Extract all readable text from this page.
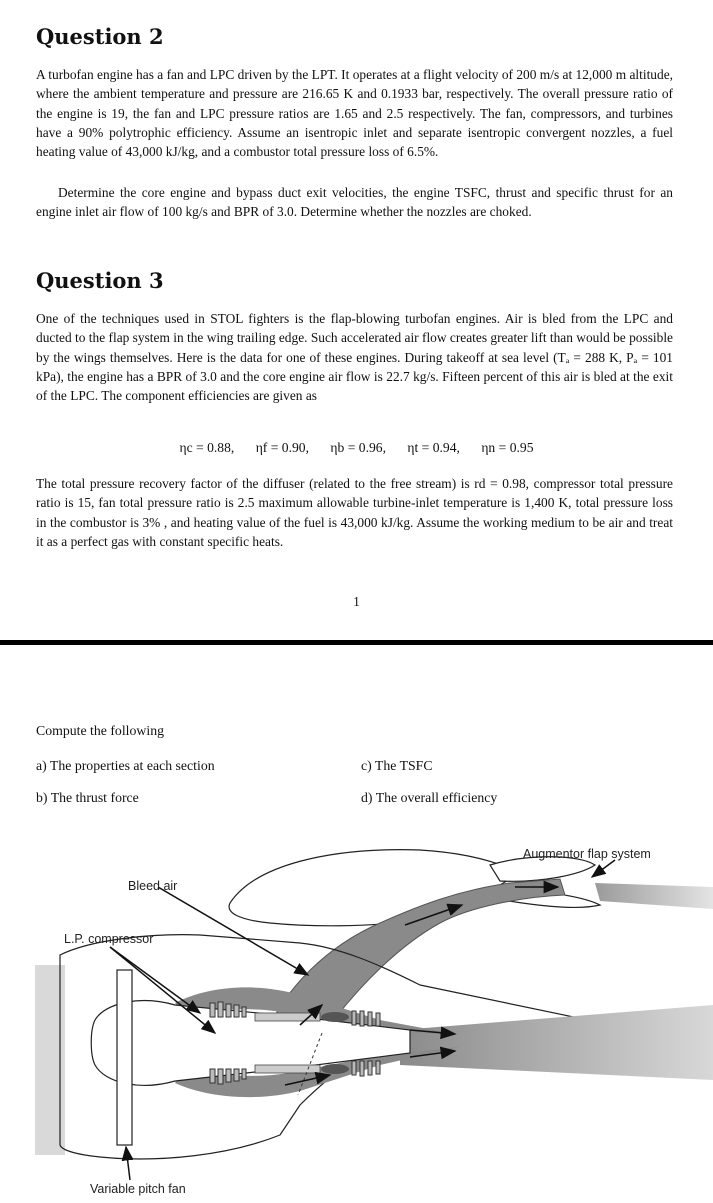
Question 2

A turbofan engine has a fan and LPC driven by the LPT. It operates at a flight velocity of 200 m/s at 12,000 m altitude, where the ambient temperature and pressure are 216.65 K and 0.1933 bar, respectively. The overall pressure ratio of the engine is 19, the fan and LPC pressure ratios are 1.65 and 2.5 respectively. The fan, compressors, and turbines have a 90% polytrophic efficiency. Assume an isentropic inlet and separate isentropic convergent nozzles, a fuel heating value of 43,000 kJ/kg, and a combustor total pressure loss of 6.5%.

Determine the core engine and bypass duct exit velocities, the engine TSFC, thrust and specific thrust for an engine inlet air flow of 100 kg/s and BPR of 3.0. Determine whether the nozzles are choked.

Question 3

One of the techniques used in STOL fighters is the flap-blowing turbofan engines. Air is bled from the LPC and ducted to the flap system in the wing trailing edge. Such accelerated air flow creates greater lift than would be possible by the wings themselves. Here is the data for one of these engines. During takeoff at sea level (Tₐ = 288 K, Pₐ = 101 kPa), the engine has a BPR of 3.0 and the core engine air flow is 22.7 kg/s. Fifteen percent of this air is bled at the exit of the LPC. The component efficiencies are given as

ηc = 0.88, ηf = 0.90, ηb = 0.96, ηt = 0.94, ηn = 0.95

The total pressure recovery factor of the diffuser (related to the free stream) is rd = 0.98, compressor total pressure ratio is 15, fan total pressure ratio is 2.5 maximum allowable turbine-inlet temperature is 1,400 K, total pressure loss in the combustor is 3% , and heating value of the fuel is 43,000 kJ/kg. Assume the working medium to be air and treat it as a perfect gas with constant specific heats.

1
Compute the following
a) The properties at each section
b) The thrust force
c) The TSFC
d) The overall efficiency
Augmentor flap system
Bleed air
L.P. compressor
Variable pitch fan
